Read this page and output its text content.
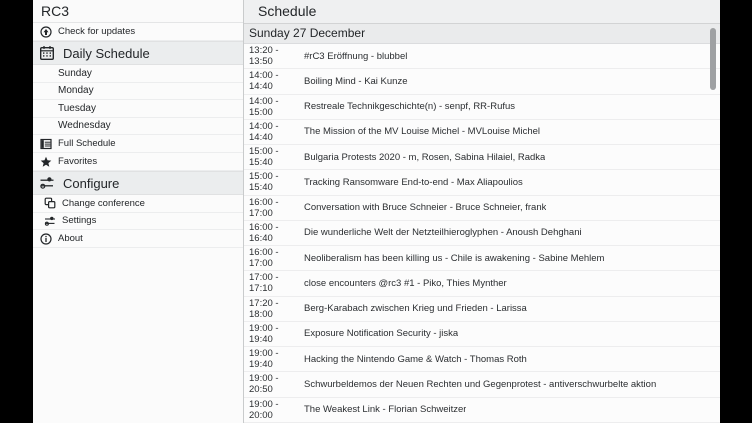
RC3
Check for updates
Daily Schedule
Sunday
Monday
Tuesday
Wednesday
Full Schedule
Favorites
Configure
Change conference
Settings
About
Schedule
Sunday 27 December
13:20 - 13:50	#rC3 Eröffnung - blubbel
14:00 - 14:40	Boiling Mind - Kai Kunze
14:00 - 15:00	Restreale Technikgeschichte(n) - senpf, RR-Rufus
14:00 - 14:40	The Mission of the MV Louise Michel - MVLouise Michel
15:00 - 15:40	Bulgaria Protests 2020 - m, Rosen, Sabina Hilaiel, Radka
15:00 - 15:40	Tracking Ransomware End-to-end - Max Aliapoulios
16:00 - 17:00	Conversation with Bruce Schneier - Bruce Schneier, frank
16:00 - 16:40	Die wunderliche Welt der Netzteilhieroglyphen - Anoush Dehghani
16:00 - 17:00	Neoliberalism has been killing us - Chile is awakening - Sabine Mehlem
17:00 - 17:10	close encounters @rc3 #1 - Piko, Thies Mynther
17:20 - 18:00	Berg-Karabach zwischen Krieg und Frieden - Larissa
19:00 - 19:40	Exposure Notification Security - jiska
19:00 - 19:40	Hacking the Nintendo Game & Watch - Thomas Roth
19:00 - 20:50	Schwurbeldemos der Neuen Rechten und Gegenprotest - antiverschwurbelte aktion
19:00 - 20:00	The Weakest Link - Florian Schweitzer
